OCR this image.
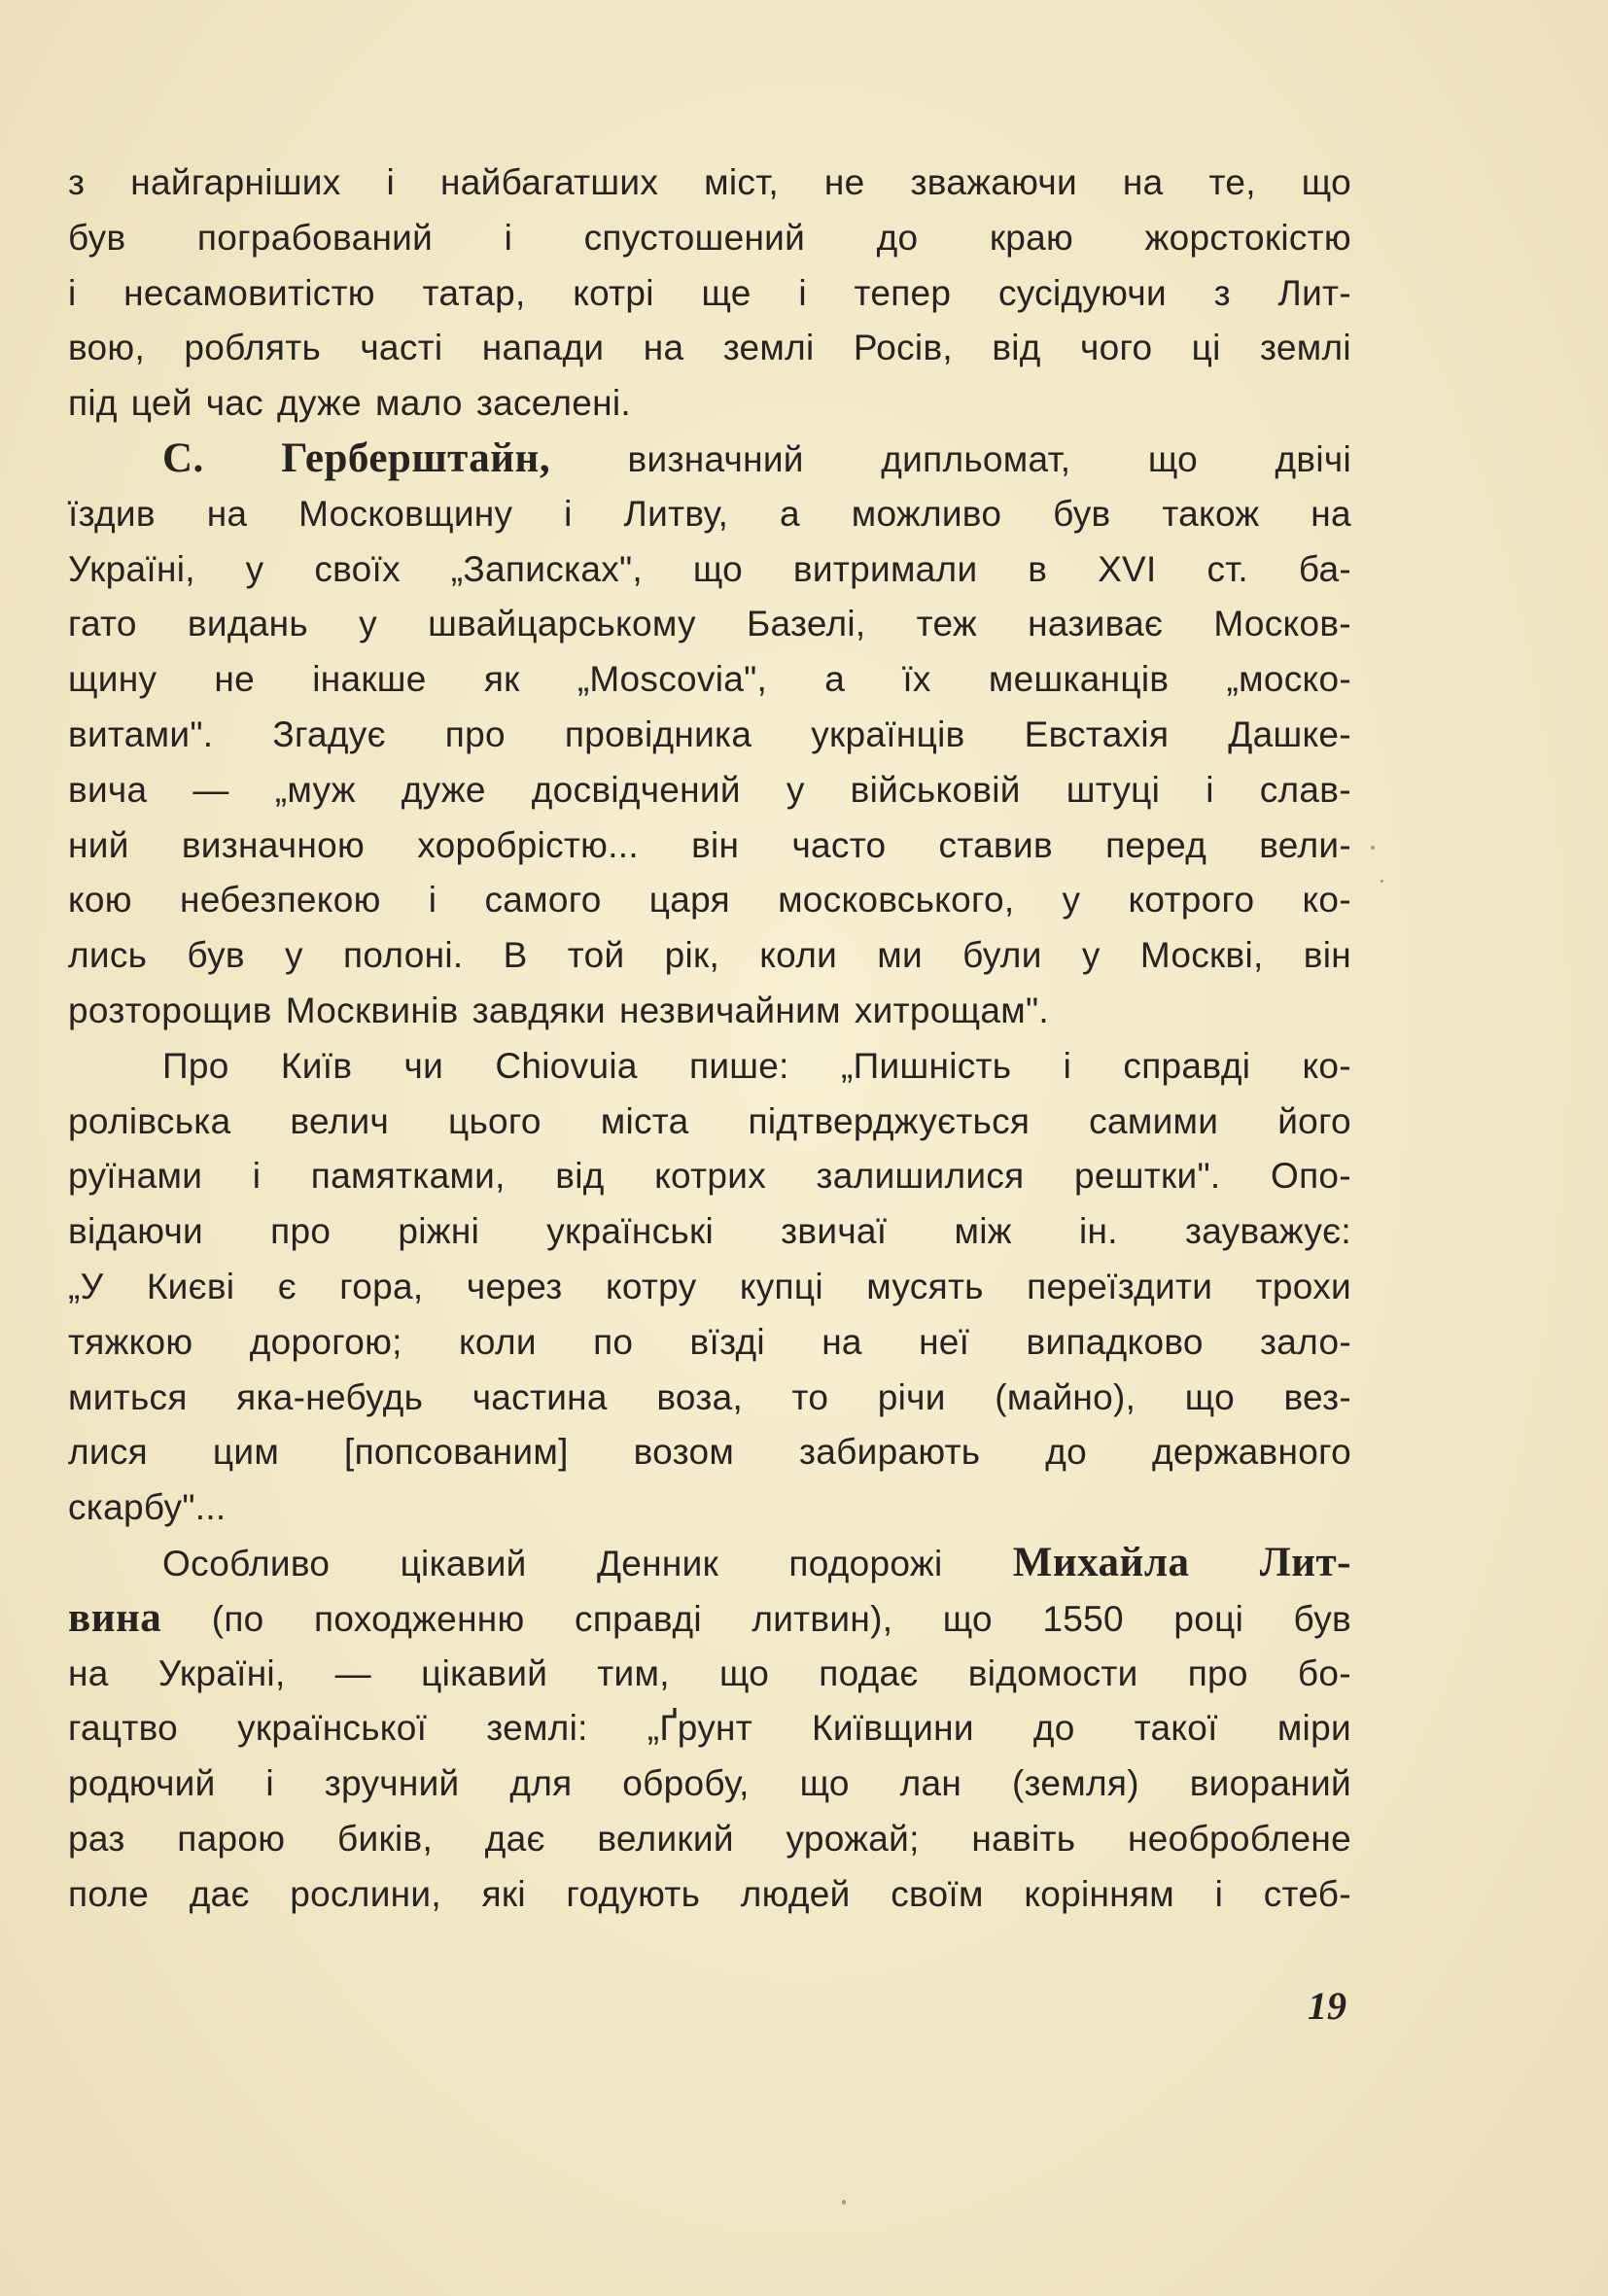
з найгарніших і найбагатших міст, не зважаючи на те, що
був пограбований і спустошений до краю жорстокістю
і несамовитістю татар, котрі ще і тепер сусідуючи з Лит-
вою, роблять часті напади на землі Росів, від чого ці землі
під цей час дуже мало заселені.
С. Герберштайн, визначний дипльомат, що двічі
їздив на Московщину і Литву, а можливо був також на
Україні, у своїх „Записках", що витримали в XVI ст. ба-
гато видань у швайцарському Базелі, теж називає Москов-
щину не інакше як „Moscovia", а їх мешканців „моско-
витами". Згадує про провідника українців Евстахія Дашке-
вича — „муж дуже досвідчений у військовій штуці і слав-
ний визначною хоробрістю... він часто ставив перед вели-
кою небезпекою і самого царя московського, у котрого ко-
лись був у полоні. В той рік, коли ми були у Москві, він
розторощив Москвинів завдяки незвичайним хитрощам".
Про Київ чи Chiovuia пише: „Пишність і справді ко-
ролівська велич цього міста підтверджується самими його
руїнами і памятками, від котрих залишилися рештки". Опо-
відаючи про ріжні українські звичаї між ін. зауважує:
„У Києві є гора, через котру купці мусять переїздити трохи
тяжкою дорогою; коли по вїзді на неї випадково зало-
миться яка-небудь частина воза, то річи (майно), що вез-
лися цим [попсованим] возом забирають до державного
скарбу"...
Особливо цікавий Денник подорожі Михайла Лит-
вина (по походженню справді литвин), що 1550 році був
на Україні, — цікавий тим, що подає відомости про бо-
гацтво української землі: „Ґрунт Київщини до такої міри
родючий і зручний для обробу, що лан (земля) виораний
раз парою биків, дає великий урожай; навіть необроблене
поле дає рослини, які годують людей своїм корінням і стеб-
19
